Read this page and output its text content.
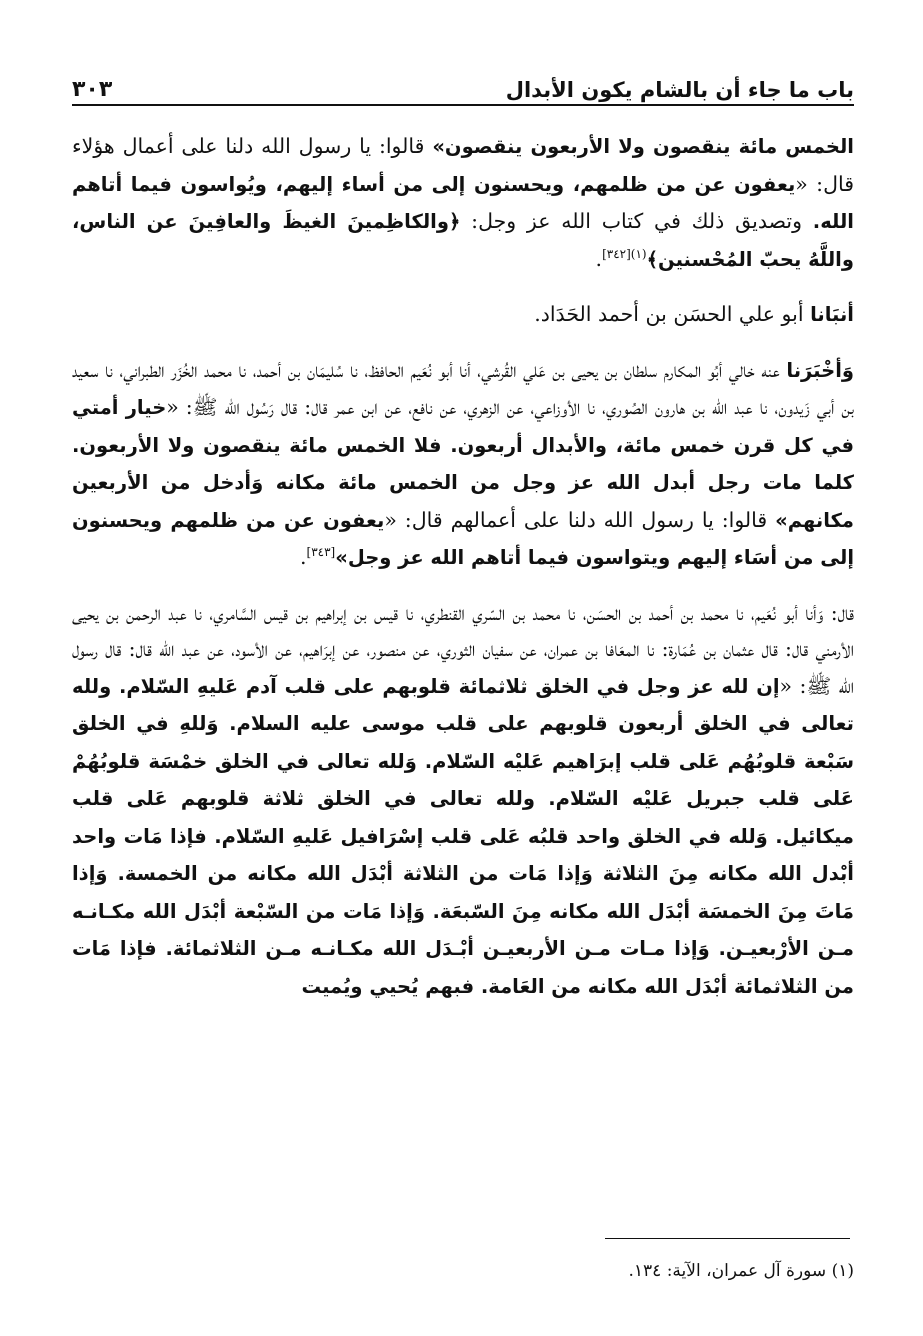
باب ما جاء أن بالشام يكون الأبدال
٣٠٣

الخمس مائة ينقصون ولا الأربعون ينقصون» قالوا: يا رسول الله دلنا على أعمال هؤلاء قال: «يعفون عن من ظلمهم، ويحسنون إلى من أساء إليهم، ويُواسون فيما أتاهم الله. وتصديق ذلك في كتاب الله عز وجل: ﴿والكاظِمينَ الغيظَ والعافِينَ عن الناس، واللَّهُ يحبّ المُحْسنين﴾$^{(١)[٣٤٢]}$.

أنبَانا أبو علي الحسَن بن أحمد الحَدَاد.

وَأخْبَرَنا عنه خالي أبُو المكارم سلطان بن يحيى بن عَلي القُرشي، أنا أبو نُعَيم الحافظ، نا سُليمَان بن أحمد، نا محمد الخُزَر الطبراني، نا سعيد بن أبي زَيدون، نا عبد اللّه بن هارون الصُوري، نا الأوزاعي، عن الزهري، عن نافع، عن ابن عمر قال: قال رَسُول الله ﷺ: «خيار أمتي في كل قرن خمس مائة، والأبدال أربعون. فلا الخمس مائة ينقصون ولا الأربعون. كلما مات رجل أبدل الله عز وجل من الخمس مائة مكانه وَأدخل من الأربعين مكانهم» قالوا: يا رسول الله دلنا على أعمالهم قال: «يعفون عن من ظلمهم ويحسنون إلى من أسَاء إليهم ويتواسون فيما أتاهم الله عز وجل»[٣٤٣].

قال: وَأنا أبو نُعَيم، نا محمد بن أحمد بن الحسَن، نا محمد بن السّري القنطري، نا قيس بن إبراهيم بن قيس السَّامري، نا عبد الرحمن بن يحيى الأرمني قال: قال عثمان بن عُمَارة: نا المعَافا بن عمران، عن سفيان الثوري، عن منصور، عن إبرَاهيم، عن الأسود، عن عبد اللّه قال: قال رسول الله ﷺ: «إن لله عز وجل في الخلق ثلاثمائة قلوبهم على قلب آدم عَليهِ السّلام. ولله تعالى في الخلق أربعون قلوبهم على قلب موسى عليه السلام. وَللهِ في الخلق سَبْعة قلوبُهُم عَلى قلب إبرَاهيم عَليْه السّلام. وَلله تعالى في الخلق خمْسَة قلوبُهُمْ عَلى قلب جبريل عَليْه السّلام. ولله تعالى في الخلق ثلاثة قلوبهم عَلى قلب ميكائيل. وَلله في الخلق واحد قلبُه عَلى قلب إسْرَافيل عَليهِ السّلام. فإذا مَات واحد أبْدل الله مكانه مِنَ الثلاثة وَإذا مَات من الثلاثة أبْدَل الله مكانه من الخمسة. وَإذا مَاتَ مِنَ الخمسَة أبْدَل الله مكانه مِنَ السّبعَة. وَإذا مَات من السّبْعة أبْدَل الله مكـانـه مـن الأرْبعيـن. وَإذا مـات مـن الأربعيـن أبْـدَل الله مكـانـه مـن الثلاثمائة. فإذا مَات من الثلاثمائة أبْدَل الله مكانه من العَامة. فبهم يُحيي ويُميت

(١) سورة آل عمران، الآية: ١٣٤.
